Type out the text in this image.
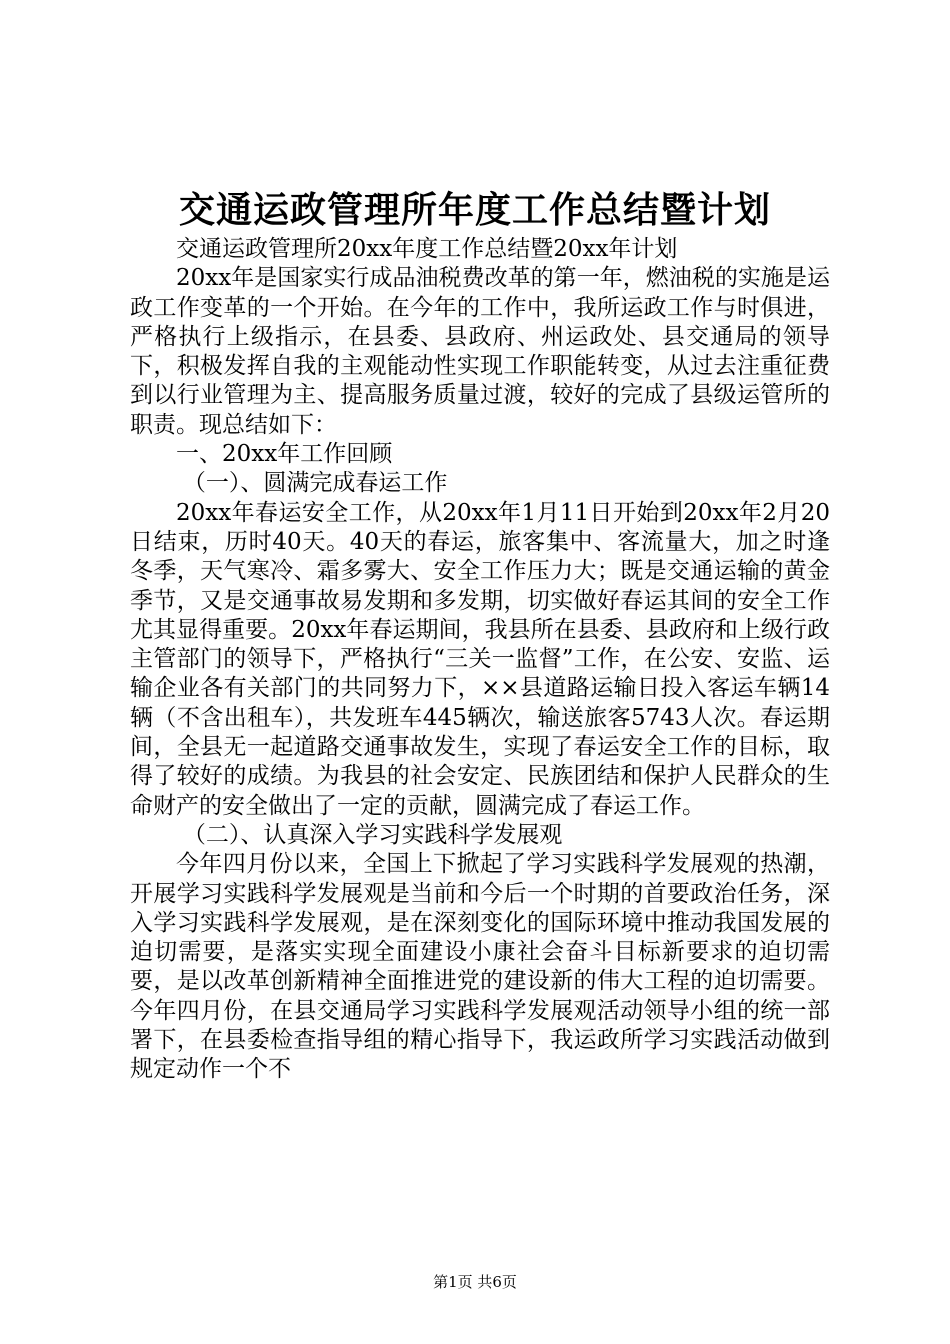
交通运政管理所年度工作总结暨计划

交通运政管理所20xx年度工作总结暨20xx年计划

20xx年是国家实行成品油税费改革的第一年，燃油税的实施是运政工作变革的一个开始。在今年的工作中，我所运政工作与时俱进，严格执行上级指示，在县委、县政府、州运政处、县交通局的领导下，积极发挥自我的主观能动性实现工作职能转变，从过去注重征费到以行业管理为主、提高服务质量过渡，较好的完成了县级运管所的职责。现总结如下：

一、20xx年工作回顾

（一）、圆满完成春运工作

20xx年春运安全工作，从20xx年1月11日开始到20xx年2月20日结束，历时40天。40天的春运，旅客集中、客流量大，加之时逢冬季，天气寒冷、霜多雾大、安全工作压力大；既是交通运输的黄金季节，又是交通事故易发期和多发期，切实做好春运其间的安全工作尤其显得重要。20xx年春运期间，我县所在县委、县政府和上级行政主管部门的领导下，严格执行“三关一监督”工作，在公安、安监、运输企业各有关部门的共同努力下，××县道路运输日投入客运车辆14辆（不含出租车），共发班车445辆次，输送旅客5743人次。春运期间，全县无一起道路交通事故发生，实现了春运安全工作的目标，取得了较好的成绩。为我县的社会安定、民族团结和保护人民群众的生命财产的安全做出了一定的贡献，圆满完成了春运工作。

（二）、认真深入学习实践科学发展观

今年四月份以来，全国上下掀起了学习实践科学发展观的热潮，开展学习实践科学发展观是当前和今后一个时期的首要政治任务，深入学习实践科学发展观，是在深刻变化的国际环境中推动我国发展的迫切需要，是落实实现全面建设小康社会奋斗目标新要求的迫切需要，是以改革创新精神全面推进党的建设新的伟大工程的迫切需要。今年四月份，在县交通局学习实践科学发展观活动领导小组的统一部署下，在县委检查指导组的精心指导下，我运政所学习实践活动做到规定动作一个不

第1页 共6页
